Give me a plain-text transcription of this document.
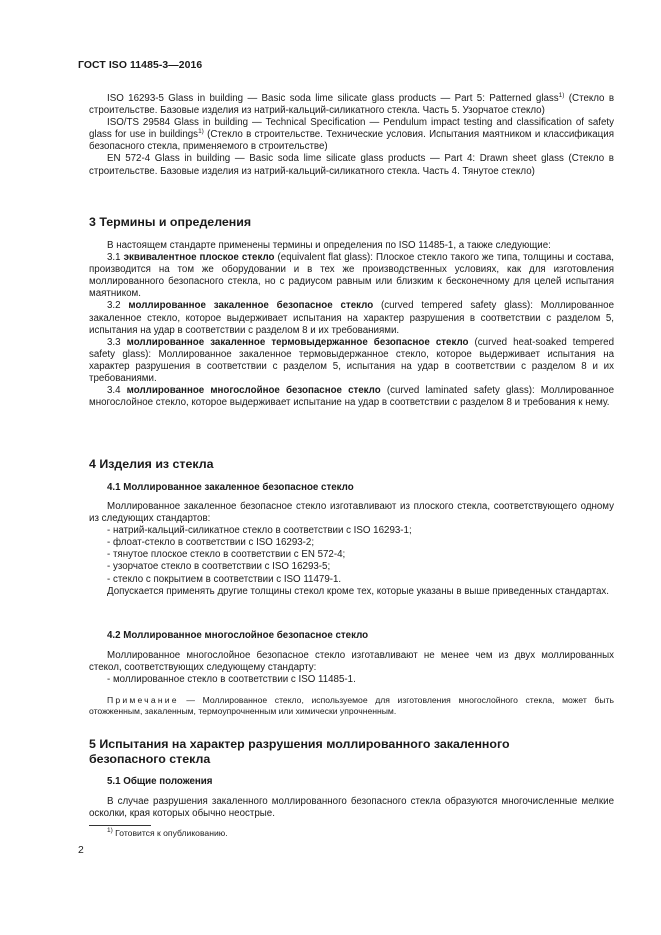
ГОСТ ISO 11485-3—2016

ISO 16293-5 Glass in building — Basic soda lime silicate glass products — Part 5: Patterned glass$^{1)}$ (Стекло в строительстве. Базовые изделия из натрий-кальций-силикатного стекла. Часть 5. Узорчатое стекло)

ISO/TS 29584 Glass in building — Technical Specification — Pendulum impact testing and classification of safety glass for use in buildings$^{1)}$ (Стекло в строительстве. Технические условия. Испытания маятником и классификация безопасного стекла, применяемого в строительстве)

EN 572-4 Glass in building — Basic soda lime silicate glass products — Part 4: Drawn sheet glass (Стекло в строительстве. Базовые изделия из натрий-кальций-силикатного стекла. Часть 4. Тянутое стекло)

3 Термины и определения

В настоящем стандарте применены термины и определения по ISO 11485-1, а также следующие:

3.1 эквивалентное плоское стекло (equivalent flat glass): Плоское стекло такого же типа, толщины и состава, производится на том же оборудовании и в тех же производственных условиях, как для изготовления моллированного безопасного стекла, но с радиусом равным или близким к бесконечному для целей испытания маятником.

3.2 моллированное закаленное безопасное стекло (curved tempered safety glass): Моллированное закаленное стекло, которое выдерживает испытания на характер разрушения в соответствии с разделом 5, испытания на удар в соответствии с разделом 8 и их требованиями.

3.3 моллированное закаленное термовыдержанное безопасное стекло (curved heat-soaked tempered safety glass): Моллированное закаленное термовыдержанное стекло, которое выдерживает испытания на характер разрушения в соответствии с разделом 5, испытания на удар в соответствии с разделом 8 и их требованиями.

3.4 моллированное многослойное безопасное стекло (curved laminated safety glass): Моллированное многослойное стекло, которое выдерживает испытание на удар в соответствии с разделом 8 и требования к нему.

4 Изделия из стекла

4.1 Моллированное закаленное безопасное стекло

Моллированное закаленное безопасное стекло изготавливают из плоского стекла, соответствующего одному из следующих стандартов:

- натрий-кальций-силикатное стекло в соответствии с ISO 16293-1;

- флоат-стекло в соответствии с ISO 16293-2;

- тянутое плоское стекло в соответствии с EN 572-4;

- узорчатое стекло в соответствии с ISO 16293-5;

- стекло с покрытием в соответствии с ISO 11479-1.

Допускается применять другие толщины стекол кроме тех, которые указаны в выше приведенных стандартах.

4.2 Моллированное многослойное безопасное стекло

Моллированное многослойное безопасное стекло изготавливают не менее чем из двух моллированных стекол, соответствующих следующему стандарту:

- моллированное стекло в соответствии с ISO 11485-1.

Примечание — Моллированное стекло, используемое для изготовления многослойного стекла, может быть отожженным, закаленным, термоупрочненным или химически упрочненным.

5 Испытания на характер разрушения моллированного закаленного
безопасного стекла

5.1 Общие положения

В случае разрушения закаленного моллированного безопасного стекла образуются многочисленные мелкие осколки, края которых обычно неострые.

$^{1)}$ Готовится к опубликованию.
2
